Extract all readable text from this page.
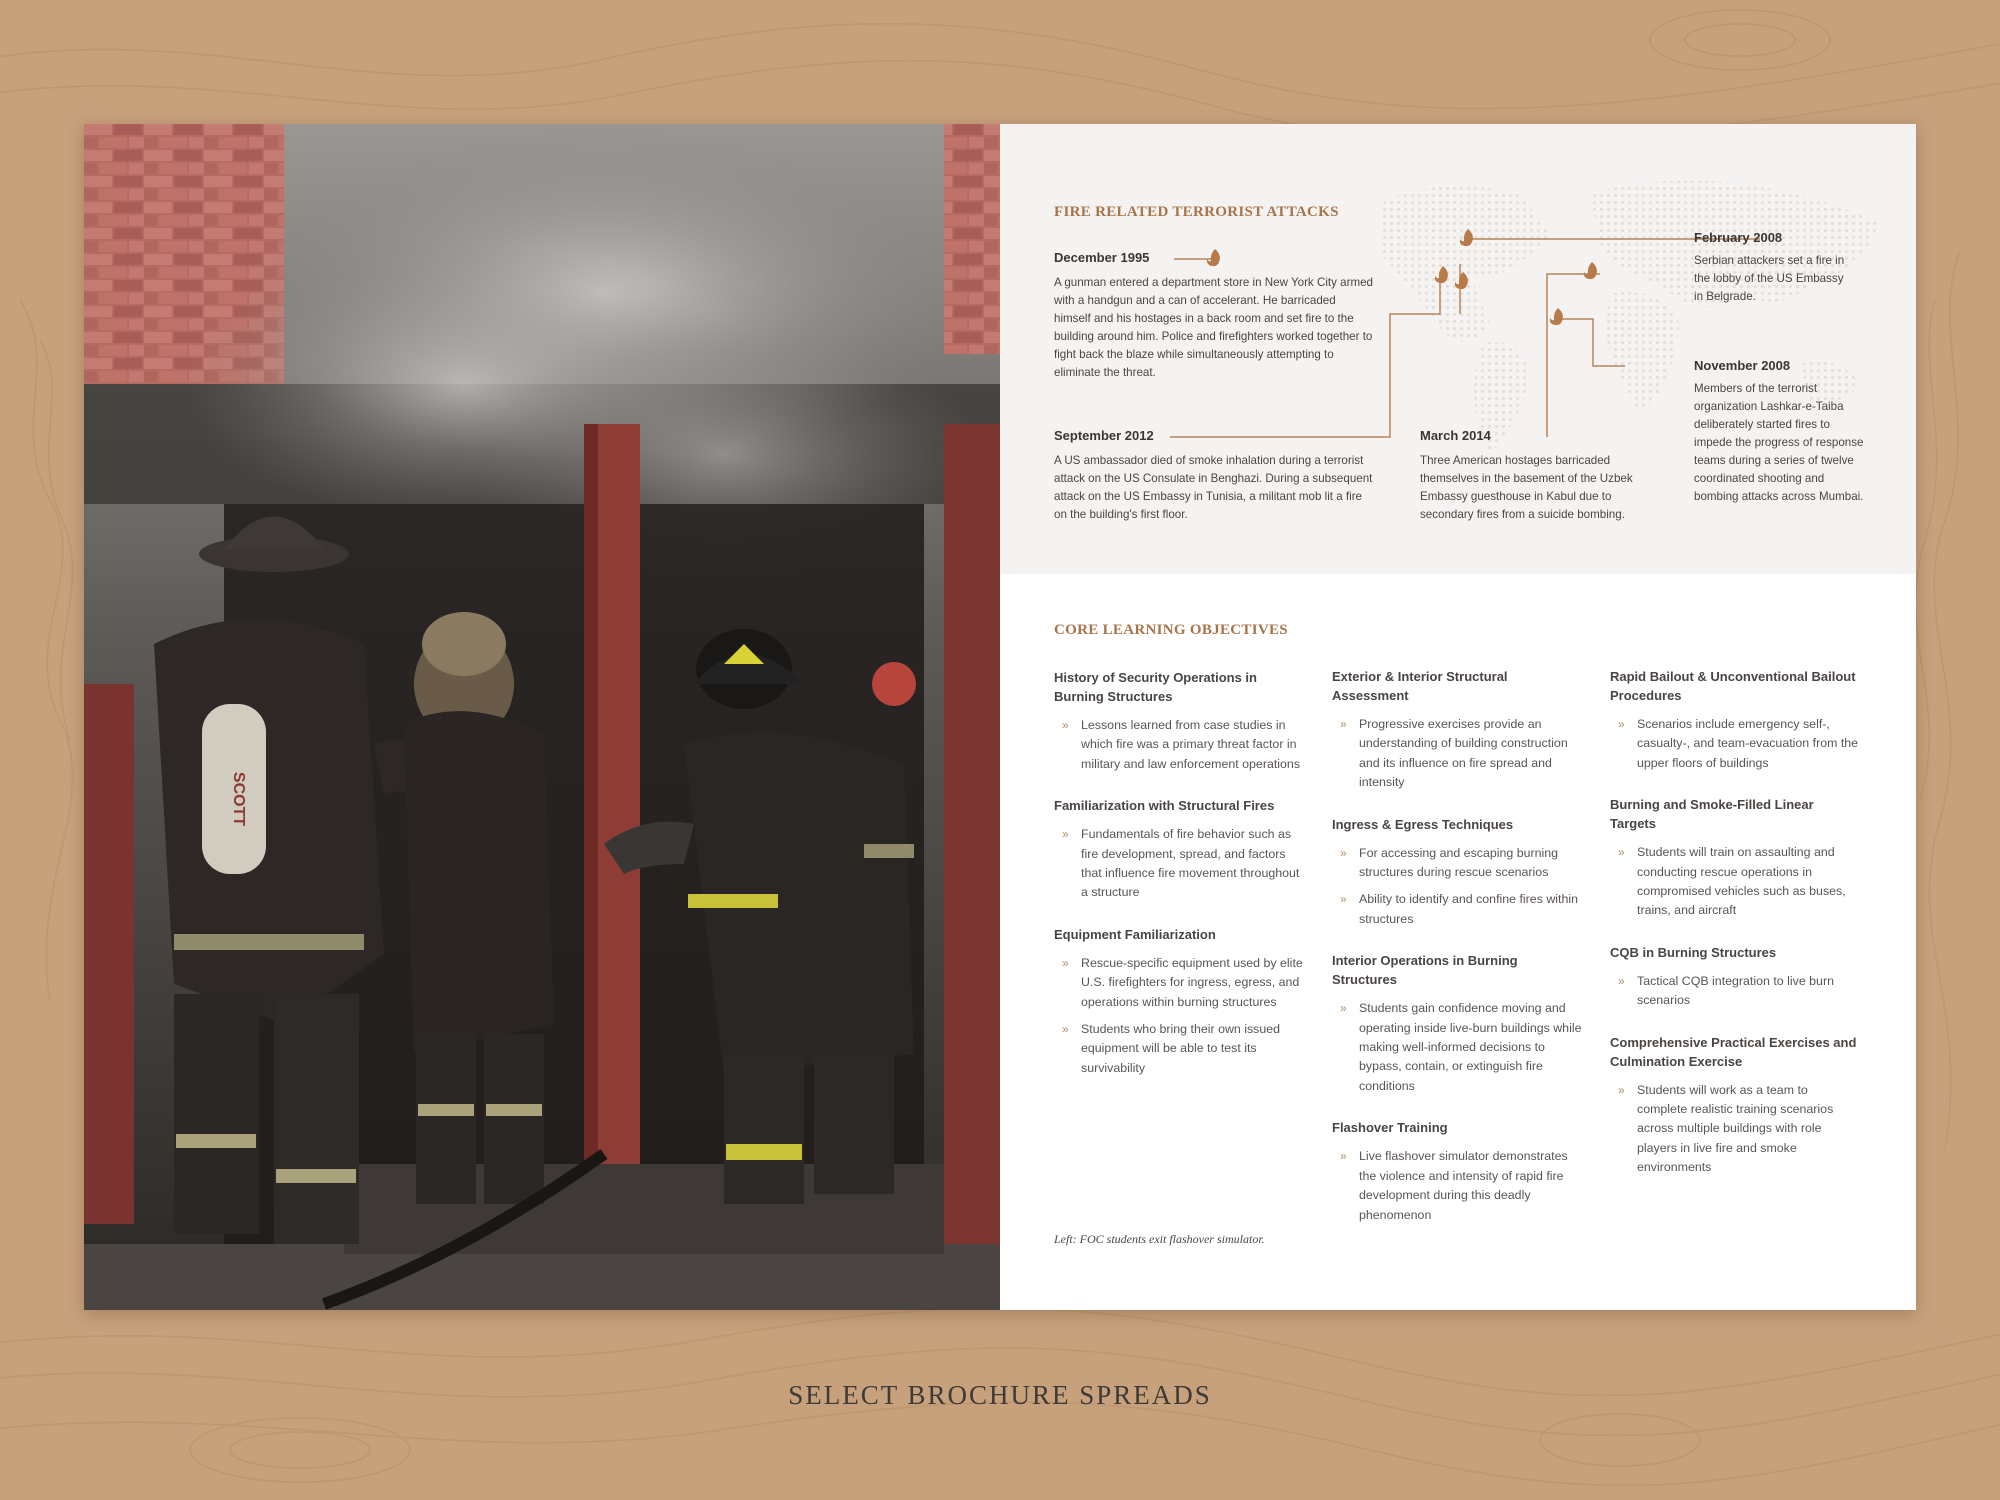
SCOTT
FIRE RELATED TERRORIST ATTACKS
December 1995
A gunman entered a department store in New York City armed with a handgun and a can of accelerant. He barricaded himself and his hostages in a back room and set fire to the building around him. Police and firefighters worked together to fight back the blaze while simultaneously attempting to eliminate the threat.
September 2012
A US ambassador died of smoke inhalation during a terrorist attack on the US Consulate in Benghazi. During a subsequent attack on the US Embassy in Tunisia, a militant mob lit a fire on the building's first floor.
March 2014
Three American hostages barricaded themselves in the basement of the Uzbek Embassy guesthouse in Kabul due to secondary fires from a suicide bombing.
February 2008
Serbian attackers set a fire in the lobby of the US Embassy in Belgrade.
November 2008
Members of the terrorist organization Lashkar-e-Taiba deliberately started fires to impede the progress of response teams during a series of twelve coordinated shooting and bombing attacks across Mumbai.
CORE LEARNING OBJECTIVES
History of Security Operations in Burning Structures
» Lessons learned from case studies in which fire was a primary threat factor in military and law enforcement operations
Familiarization with Structural Fires
» Fundamentals of fire behavior such as fire development, spread, and factors that influence fire movement throughout a structure
Equipment Familiarization
» Rescue-specific equipment used by elite U.S. firefighters for ingress, egress, and operations within burning structures
» Students who bring their own issued equipment will be able to test its survivability
Exterior & Interior Structural Assessment
» Progressive exercises provide an understanding of building construction and its influence on fire spread and intensity
Ingress & Egress Techniques
» For accessing and escaping burning structures during rescue scenarios
» Ability to identify and confine fires within structures
Interior Operations in Burning Structures
» Students gain confidence moving and operating inside live-burn buildings while making well-informed decisions to bypass, contain, or extinguish fire conditions
Flashover Training
» Live flashover simulator demonstrates the violence and intensity of rapid fire development during this deadly phenomenon
Rapid Bailout & Unconventional Bailout Procedures
» Scenarios include emergency self-, casualty-, and team-evacuation from the upper floors of buildings
Burning and Smoke-Filled Linear Targets
» Students will train on assaulting and conducting rescue operations in compromised vehicles such as buses, trains, and aircraft
CQB in Burning Structures
» Tactical CQB integration to live burn scenarios
Comprehensive Practical Exercises and Culmination Exercise
» Students will work as a team to complete realistic training scenarios across multiple buildings with role players in live fire and smoke environments
Left: FOC students exit flashover simulator.
SELECT BROCHURE SPREADS
